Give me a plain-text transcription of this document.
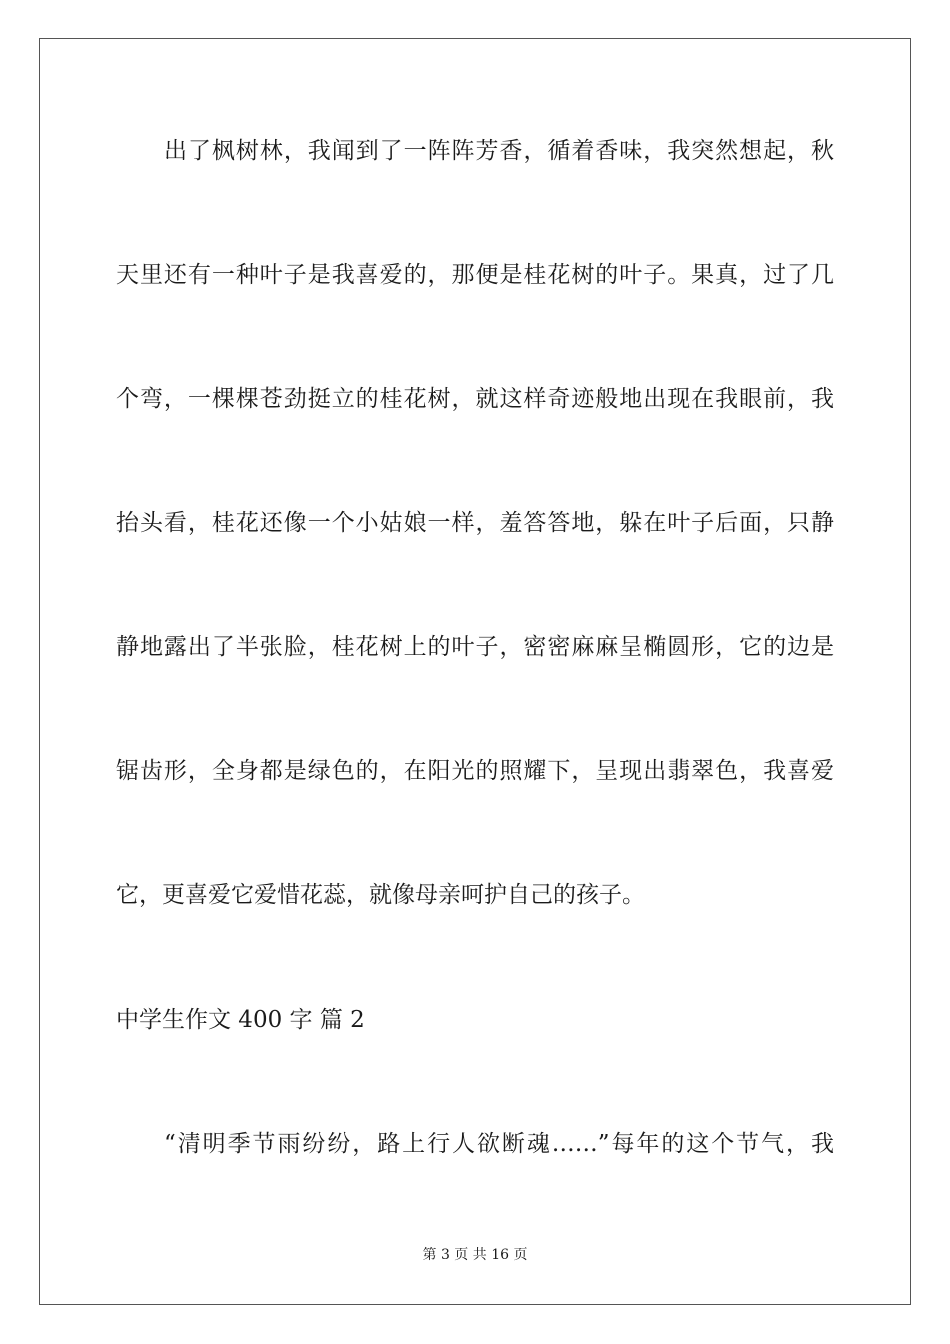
出了枫树林，我闻到了一阵阵芳香，循着香味，我突然想起，秋
天里还有一种叶子是我喜爱的，那便是桂花树的叶子。果真，过了几
个弯，一棵棵苍劲挺立的桂花树，就这样奇迹般地出现在我眼前，我
抬头看，桂花还像一个小姑娘一样，羞答答地，躲在叶子后面，只静
静地露出了半张脸，桂花树上的叶子，密密麻麻呈椭圆形，它的边是
锯齿形，全身都是绿色的，在阳光的照耀下，呈现出翡翠色，我喜爱
它，更喜爱它爱惜花蕊，就像母亲呵护自己的孩子。
中学生作文 400 字 篇 2
“清明季节雨纷纷，路上行人欲断魂……”每年的这个节气，我
第 3 页 共 16 页
